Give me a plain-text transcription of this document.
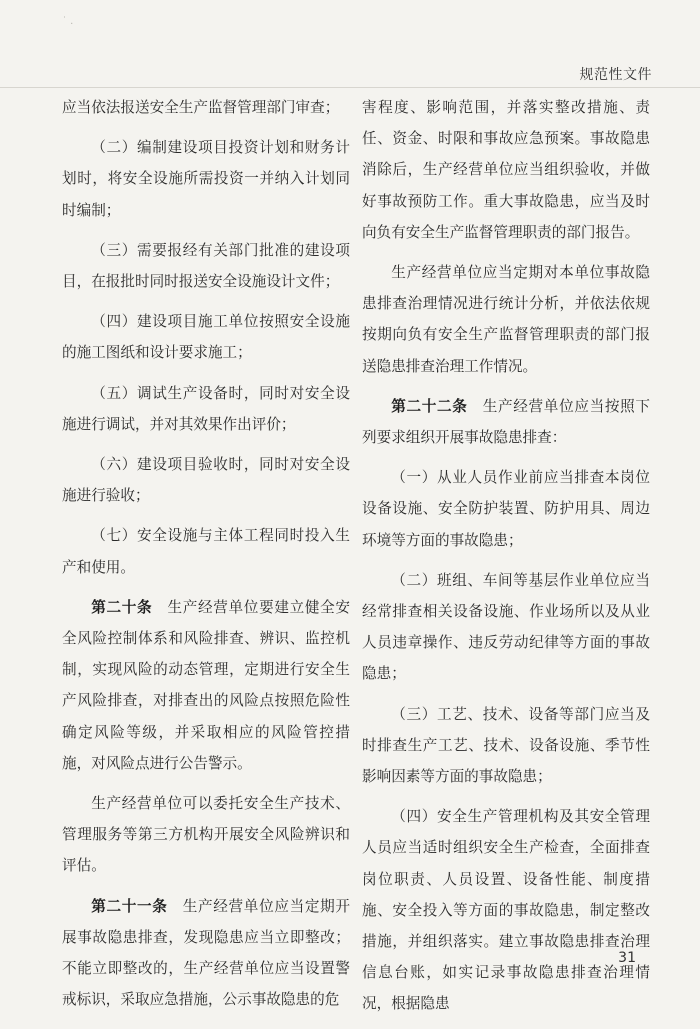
˙ .
规范性文件

应当依法报送安全生产监督管理部门审查；

（二）编制建设项目投资计划和财务计划时，将安全设施所需投资一并纳入计划同时编制；

（三）需要报经有关部门批准的建设项目，在报批时同时报送安全设施设计文件；

（四）建设项目施工单位按照安全设施的施工图纸和设计要求施工；

（五）调试生产设备时，同时对安全设施进行调试，并对其效果作出评价；

（六）建设项目验收时，同时对安全设施进行验收；

（七）安全设施与主体工程同时投入生产和使用。

第二十条　 生产经营单位要建立健全安全风险控制体系和风险排查、辨识、监控机制，实现风险的动态管理，定期进行安全生产风险排查，对排查出的风险点按照危险性确定风险等级，并采取相应的风险管控措施，对风险点进行公告警示。

生产经营单位可以委托安全生产技术、管理服务等第三方机构开展安全风险辨识和评估。

第二十一条　 生产经营单位应当定期开展事故隐患排查，发现隐患应当立即整改；不能立即整改的，生产经营单位应当设置警戒标识，采取应急措施，公示事故隐患的危

害程度、影响范围，并落实整改措施、责任、资金、时限和事故应急预案。事故隐患消除后，生产经营单位应当组织验收，并做好事故预防工作。重大事故隐患，应当及时向负有安全生产监督管理职责的部门报告。

生产经营单位应当定期对本单位事故隐患排查治理情况进行统计分析，并依法依规按期向负有安全生产监督管理职责的部门报送隐患排查治理工作情况。

第二十二条　 生产经营单位应当按照下列要求组织开展事故隐患排查：

（一）从业人员作业前应当排查本岗位设备设施、安全防护装置、防护用具、周边环境等方面的事故隐患；

（二）班组、车间等基层作业单位应当经常排查相关设备设施、作业场所以及从业人员违章操作、违反劳动纪律等方面的事故隐患；

（三）工艺、技术、设备等部门应当及时排查生产工艺、技术、设备设施、季节性影响因素等方面的事故隐患；

（四）安全生产管理机构及其安全管理人员应当适时组织安全生产检查，全面排查岗位职责、人员设置、设备性能、制度措施、安全投入等方面的事故隐患，制定整改措施，并组织落实。建立事故隐患排查治理信息台账，如实记录事故隐患排查治理情况，根据隐患

31
